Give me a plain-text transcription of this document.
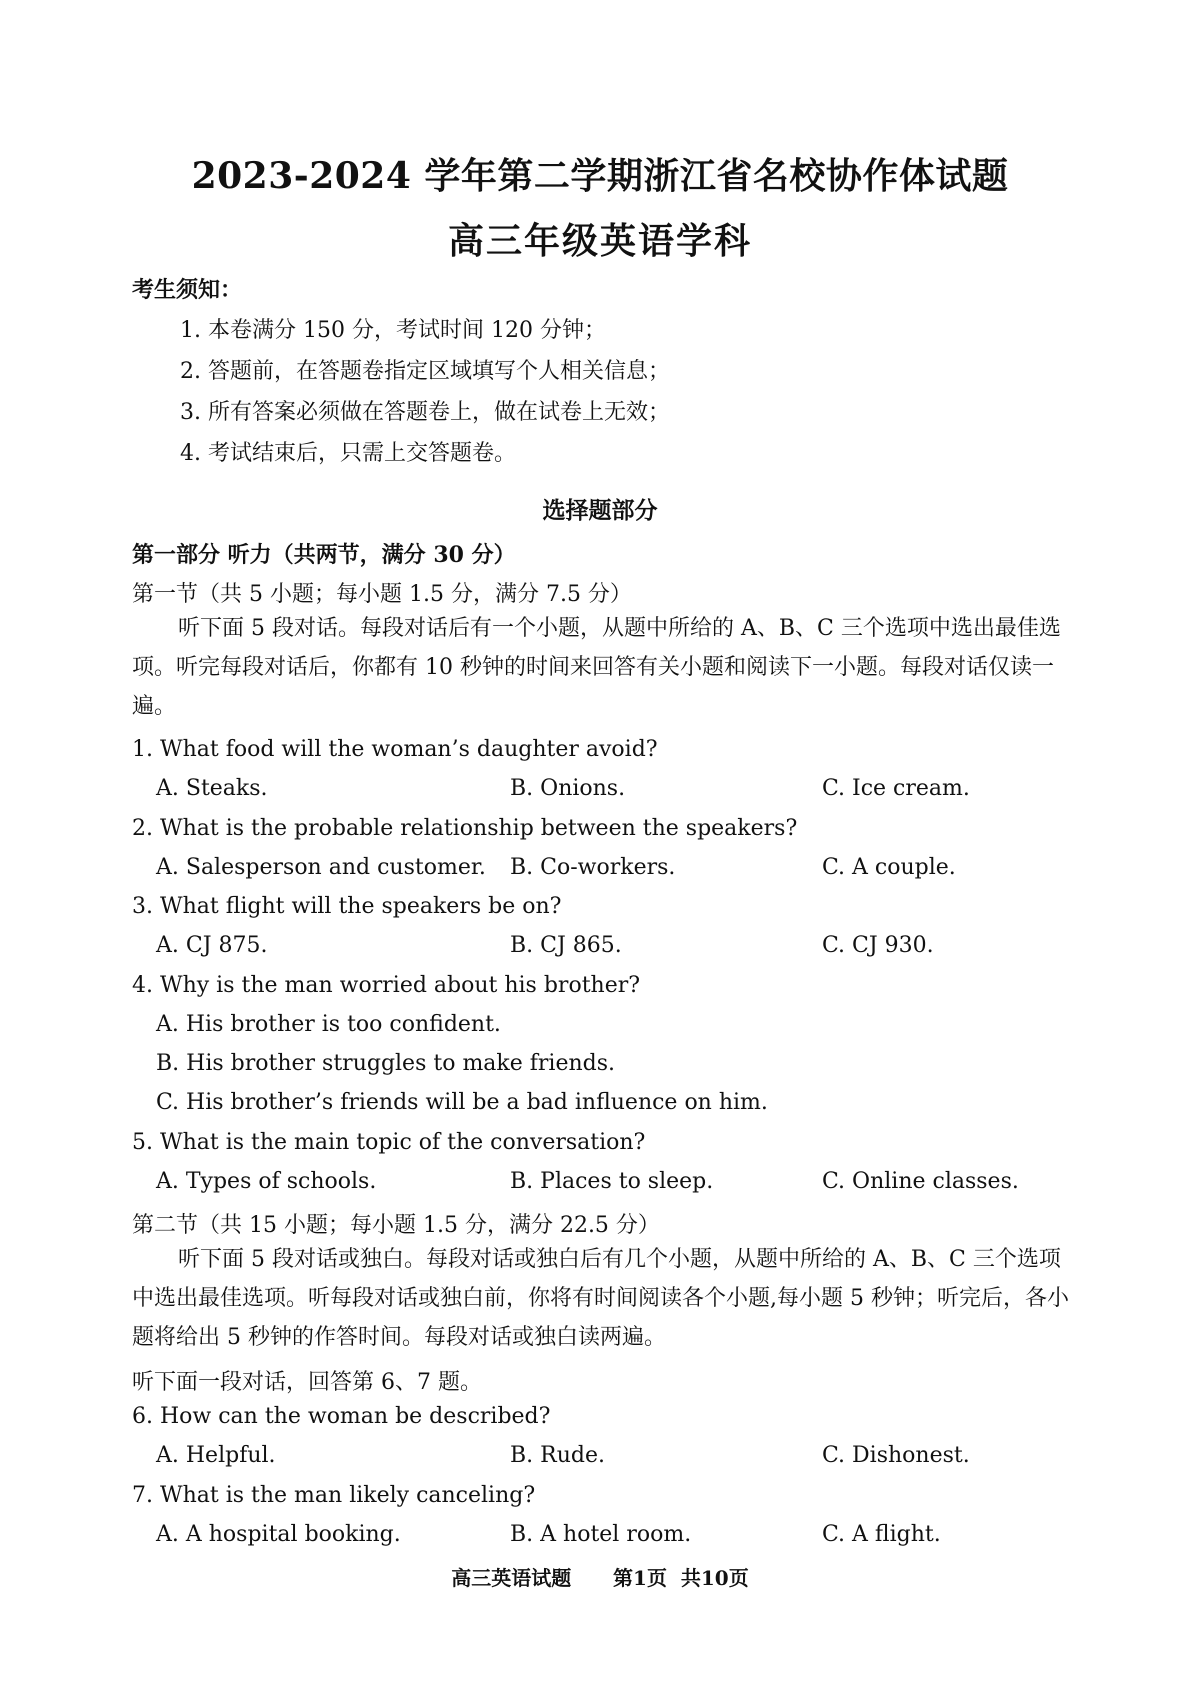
2023-2024 学年第二学期浙江省名校协作体试题
高三年级英语学科
考生须知：
1. 本卷满分 150 分，考试时间 120 分钟；
2. 答题前，在答题卷指定区域填写个人相关信息；
3. 所有答案必须做在答题卷上，做在试卷上无效；
4. 考试结束后，只需上交答题卷。
选择题部分
第一部分 听力（共两节，满分 30 分）
第一节（共 5 小题；每小题 1.5 分，满分 7.5 分）
听下面 5 段对话。每段对话后有一个小题，从题中所给的 A、B、C 三个选项中选出最佳选项。听完每段对话后，你都有 10 秒钟的时间来回答有关小题和阅读下一小题。每段对话仅读一遍。
1. What food will the woman’s daughter avoid?
A. Steaks.	B. Onions.	C. Ice cream.
2. What is the probable relationship between the speakers?
A. Salesperson and customer. B. Co-workers.	C. A couple.
3. What flight will the speakers be on?
A. CJ 875.	B. CJ 865.	C. CJ 930.
4. Why is the man worried about his brother?
A. His brother is too confident.
B. His brother struggles to make friends.
C. His brother’s friends will be a bad influence on him.
5. What is the main topic of the conversation?
A. Types of schools.	B. Places to sleep.	C. Online classes.
第二节（共 15 小题；每小题 1.5 分，满分 22.5 分）
听下面 5 段对话或独白。每段对话或独白后有几个小题，从题中所给的 A、B、C 三个选项中选出最佳选项。听每段对话或独白前，你将有时间阅读各个小题,每小题 5 秒钟；听完后，各小题将给出 5 秒钟的作答时间。每段对话或独白读两遍。
听下面一段对话，回答第 6、7 题。
6. How can the woman be described?
A. Helpful.	B. Rude.	C. Dishonest.
7. What is the man likely canceling?
A. A hospital booking.	B. A hotel room.	C. A flight.
高三英语试题      第1页  共10页
